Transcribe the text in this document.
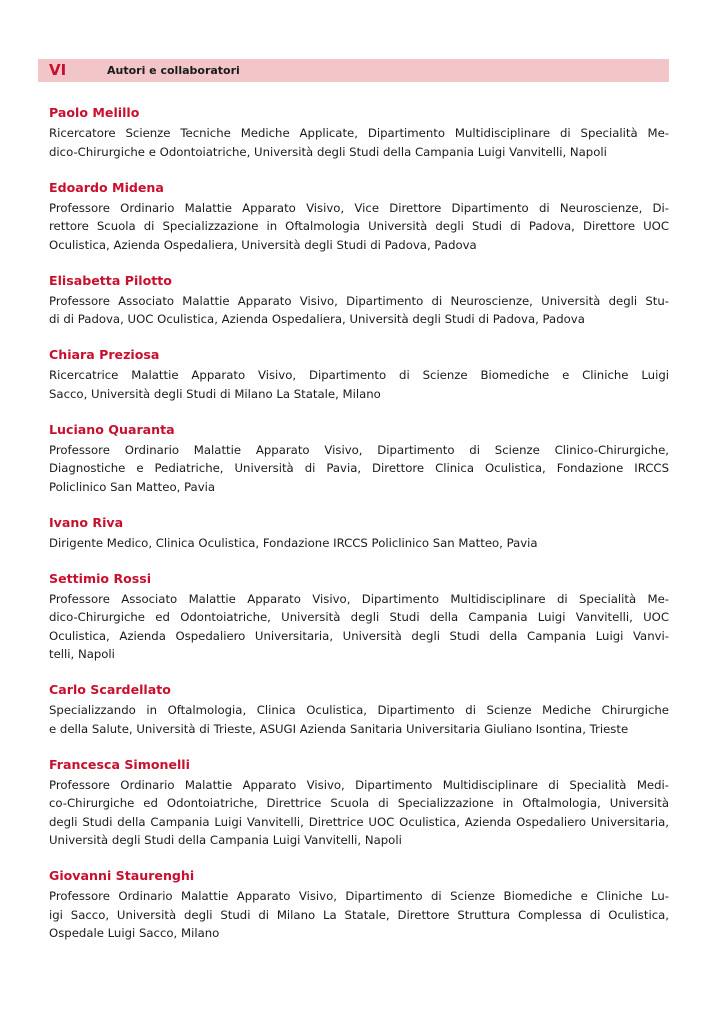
VI	Autori e collaboratori
Paolo Melillo
Ricercatore Scienze Tecniche Mediche Applicate, Dipartimento Multidisciplinare di Specialità Me-
dico-Chirurgiche e Odontoiatriche, Università degli Studi della Campania Luigi Vanvitelli, Napoli
Edoardo Midena
Professore Ordinario Malattie Apparato Visivo, Vice Direttore Dipartimento di Neuroscienze, Di-
rettore Scuola di Specializzazione in Oftalmologia Università degli Studi di Padova, Direttore UOC
Oculistica, Azienda Ospedaliera, Università degli Studi di Padova, Padova
Elisabetta Pilotto
Professore Associato Malattie Apparato Visivo, Dipartimento di Neuroscienze, Università degli Stu-
di di Padova, UOC Oculistica, Azienda Ospedaliera, Università degli Studi di Padova, Padova
Chiara Preziosa
Ricercatrice Malattie Apparato Visivo, Dipartimento di Scienze Biomediche e Cliniche Luigi
Sacco, Università degli Studi di Milano La Statale, Milano
Luciano Quaranta
Professore Ordinario Malattie Apparato Visivo, Dipartimento di Scienze Clinico-Chirurgiche,
Diagnostiche e Pediatriche, Università di Pavia, Direttore Clinica Oculistica, Fondazione IRCCS
Policlinico San Matteo, Pavia
Ivano Riva
Dirigente Medico, Clinica Oculistica, Fondazione IRCCS Policlinico San Matteo, Pavia
Settimio Rossi
Professore Associato Malattie Apparato Visivo, Dipartimento Multidisciplinare di Specialità Me-
dico-Chirurgiche ed Odontoiatriche, Università degli Studi della Campania Luigi Vanvitelli, UOC
Oculistica, Azienda Ospedaliero Universitaria, Università degli Studi della Campania Luigi Vanvi-
telli, Napoli
Carlo Scardellato
Specializzando in Oftalmologia, Clinica Oculistica, Dipartimento di Scienze Mediche Chirurgiche
e della Salute, Università di Trieste, ASUGI Azienda Sanitaria Universitaria Giuliano Isontina, Trieste
Francesca Simonelli
Professore Ordinario Malattie Apparato Visivo, Dipartimento Multidisciplinare di Specialità Medi-
co-Chirurgiche ed Odontoiatriche, Direttrice Scuola di Specializzazione in Oftalmologia, Università
degli Studi della Campania Luigi Vanvitelli, Direttrice UOC Oculistica, Azienda Ospedaliero Universitaria,
Università degli Studi della Campania Luigi Vanvitelli, Napoli
Giovanni Staurenghi
Professore Ordinario Malattie Apparato Visivo, Dipartimento di Scienze Biomediche e Cliniche Lu-
igi Sacco, Università degli Studi di Milano La Statale, Direttore Struttura Complessa di Oculistica,
Ospedale Luigi Sacco, Milano
